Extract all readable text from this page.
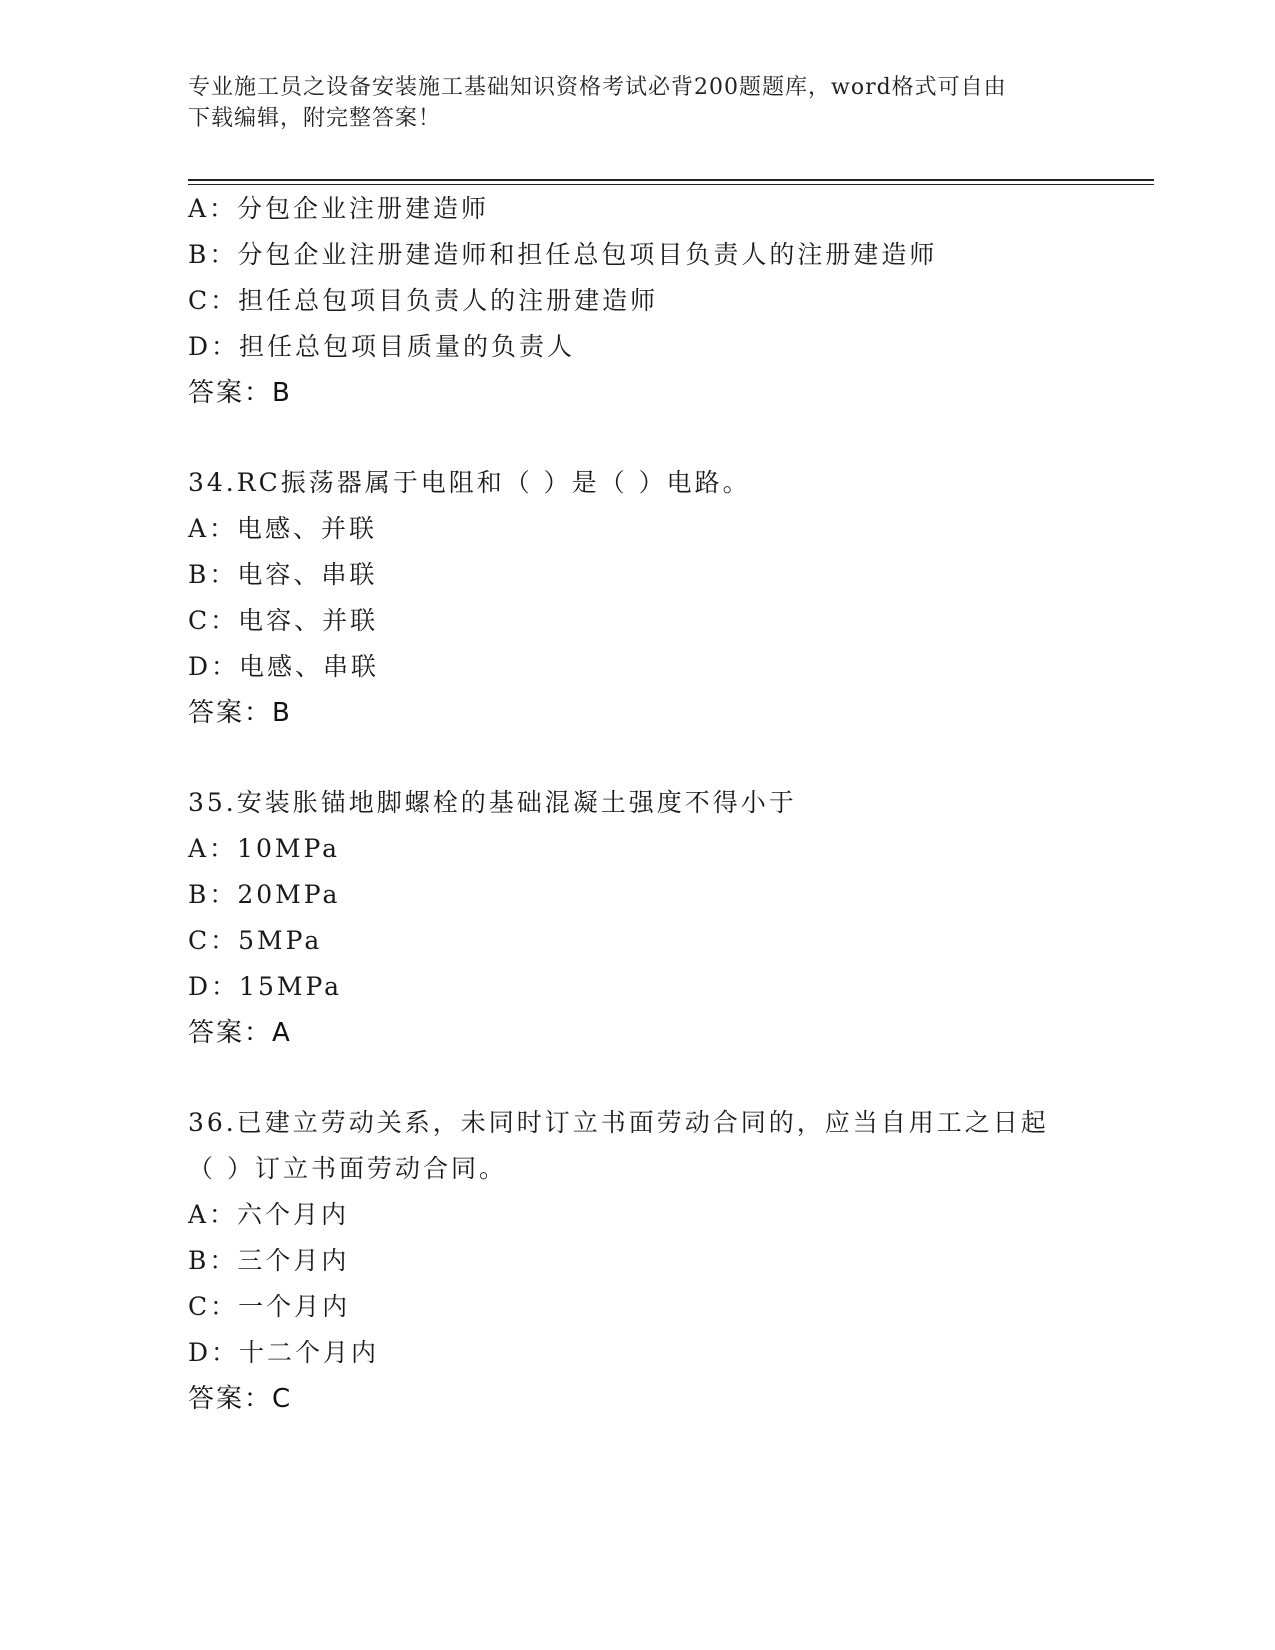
专业施工员之设备安装施工基础知识资格考试必背200题题库，word格式可自由
下载编辑，附完整答案！
A：分包企业注册建造师
B：分包企业注册建造师和担任总包项目负责人的注册建造师
C：担任总包项目负责人的注册建造师
D：担任总包项目质量的负责人
答案：B
34.RC振荡器属于电阻和（ ）是（ ）电路。
A：电感、并联
B：电容、串联
C：电容、并联
D：电感、串联
答案：B
35.安装胀锚地脚螺栓的基础混凝土强度不得小于
A：10MPa
B：20MPa
C：5MPa
D：15MPa
答案：A
36.已建立劳动关系，未同时订立书面劳动合同的，应当自用工之日起
（ ）订立书面劳动合同。
A：六个月内
B：三个月内
C：一个月内
D：十二个月内
答案：C
